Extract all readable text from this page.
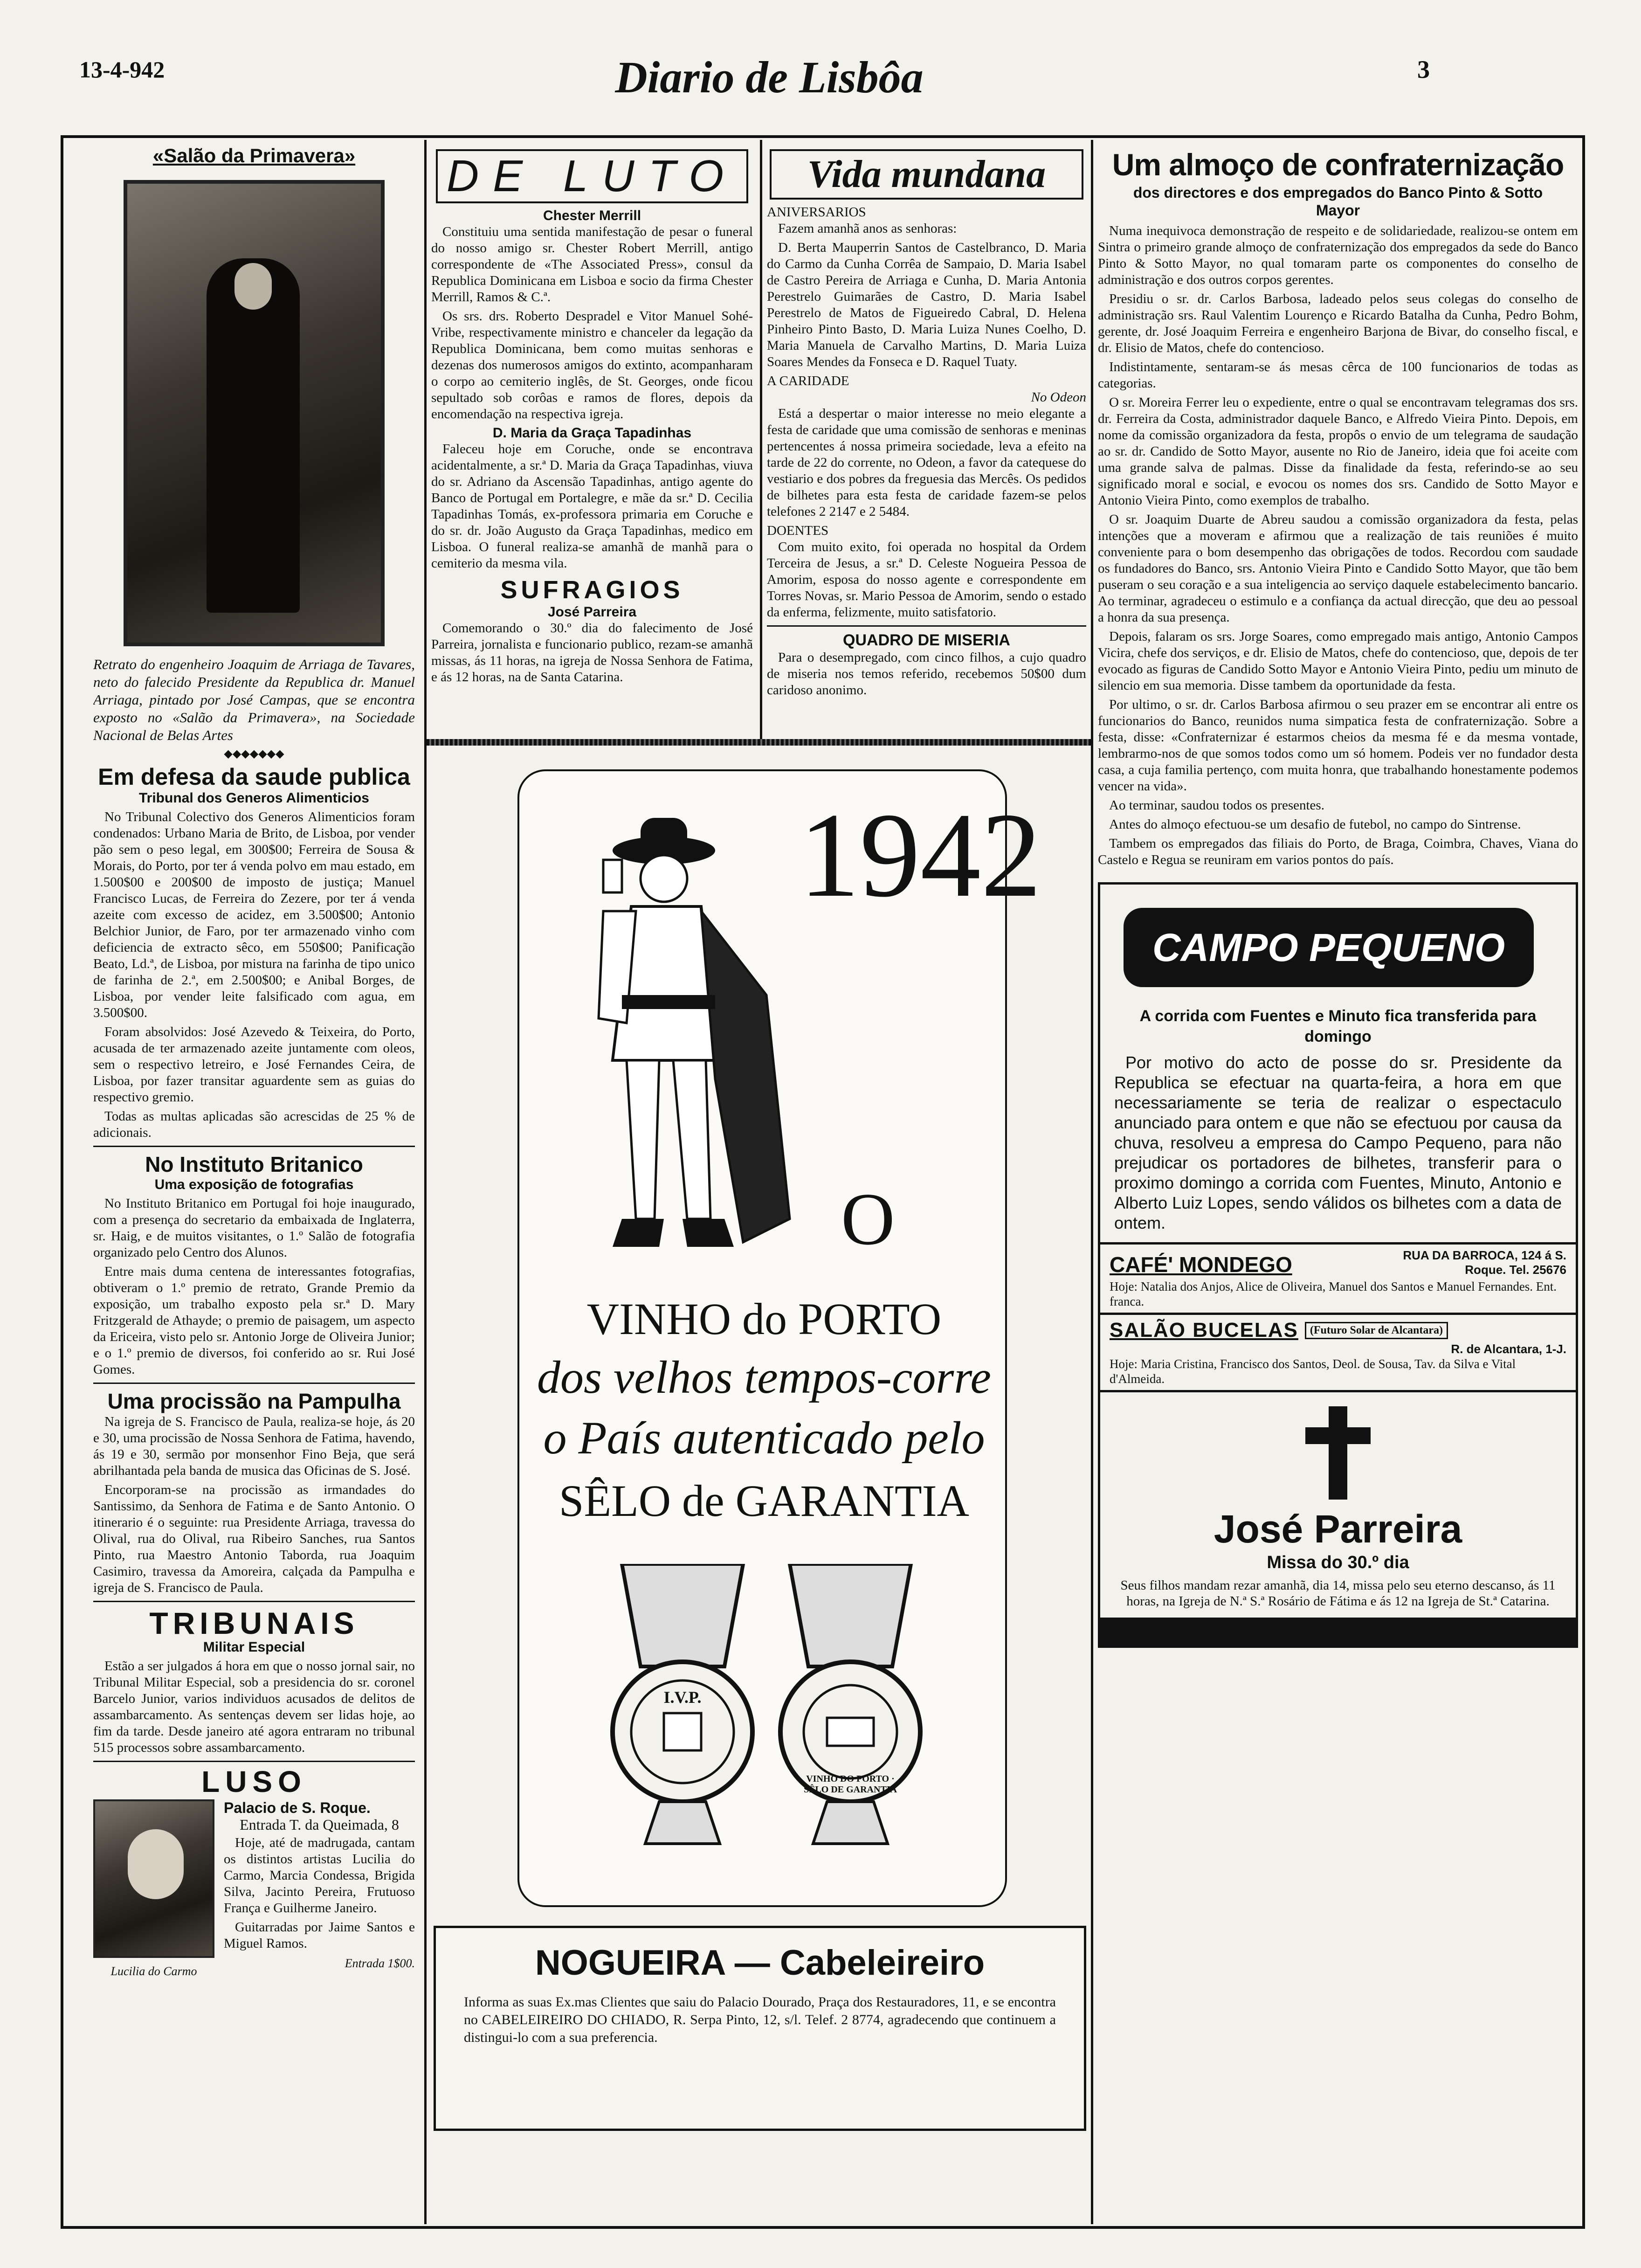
13-4-942	Diario de Lisbôa	3
«Salão da Primavera»
Retrato do engenheiro Joaquim de Arriaga de Tavares, neto do falecido Presidente da Republica dr. Manuel Arriaga, pintado por José Campas, que se encontra exposto no «Salão da Primavera», na Sociedade Nacional de Belas Artes
◆◆◆◆◆◆◆
Em defesa da saude publica
Tribunal dos Generos Alimenticios

No Tribunal Colectivo dos Generos Alimenticios foram condenados: Urbano Maria de Brito, de Lisboa, por vender pão sem o peso legal, em 300$00; Ferreira de Sousa & Morais, do Porto, por ter á venda polvo em mau estado, em 1.500$00 e 200$00 de imposto de justiça; Manuel Francisco Lucas, de Ferreira do Zezere, por ter á venda azeite com excesso de acidez, em 3.500$00; Antonio Belchior Junior, de Faro, por ter armazenado vinho com deficiencia de extracto sêco, em 550$00; Panificação Beato, Ld.ª, de Lisboa, por mistura na farinha de tipo unico de farinha de 2.ª, em 2.500$00; e Anibal Borges, de Lisboa, por vender leite falsificado com agua, em 3.500$00.

Foram absolvidos: José Azevedo & Teixeira, do Porto, acusada de ter armazenado azeite juntamente com oleos, sem o respectivo letreiro, e José Fernandes Ceira, de Lisboa, por fazer transitar aguardente sem as guias do respectivo gremio.

Todas as multas aplicadas são acrescidas de 25 % de adicionais.

No Instituto Britanico
Uma exposição de fotografias

No Instituto Britanico em Portugal foi hoje inaugurado, com a presença do secretario da embaixada de Inglaterra, sr. Haig, e de muitos visitantes, o 1.º Salão de fotografia organizado pelo Centro dos Alunos.

Entre mais duma centena de interessantes fotografias, obtiveram o 1.º premio de retrato, Grande Premio da exposição, um trabalho exposto pela sr.ª D. Mary Fritzgerald de Athayde; o premio de paisagem, um aspecto da Ericeira, visto pelo sr. Antonio Jorge de Oliveira Junior; e o 1.º premio de diversos, foi conferido ao sr. Rui José Gomes.

Uma procissão na Pampulha

Na igreja de S. Francisco de Paula, realiza-se hoje, ás 20 e 30, uma procissão de Nossa Senhora de Fatima, havendo, ás 19 e 30, sermão por monsenhor Fino Beja, que será abrilhantada pela banda de musica das Oficinas de S. José.

Encorporam-se na procissão as irmandades do Santissimo, da Senhora de Fatima e de Santo Antonio. O itinerario é o seguinte: rua Presidente Arriaga, travessa do Olival, rua do Olival, rua Ribeiro Sanches, rua Santos Pinto, rua Maestro Antonio Taborda, rua Joaquim Casimiro, travessa da Amoreira, calçada da Pampulha e igreja de S. Francisco de Paula.

TRIBUNAIS
Militar Especial

Estão a ser julgados á hora em que o nosso jornal sair, no Tribunal Militar Especial, sob a presidencia do sr. coronel Barcelo Junior, varios individuos acusados de delitos de assambarcamento. As sentenças devem ser lidas hoje, ao fim da tarde. Desde janeiro até agora entraram no tribunal 515 processos sobre assambarcamento.

LUSO
Lucilia do Carmo
Palacio de S. Roque.
Entrada T. da Queimada, 8

Hoje, até de madrugada, cantam os distintos artistas Lucilia do Carmo, Marcia Condessa, Brigida Silva, Jacinto Pereira, Frutuoso França e Guilherme Janeiro.

Guitarradas por Jaime Santos e Miguel Ramos.

Entrada 1$00.
DE LUTO
Chester Merrill

Constituiu uma sentida manifestação de pesar o funeral do nosso amigo sr. Chester Robert Merrill, antigo correspondente de «The Associated Press», consul da Republica Dominicana em Lisboa e socio da firma Chester Merrill, Ramos & C.ª.

Os srs. drs. Roberto Despradel e Vitor Manuel Sohé-Vribe, respectivamente ministro e chanceler da legação da Republica Dominicana, bem como muitas senhoras e dezenas dos numerosos amigos do extinto, acompanharam o corpo ao cemiterio inglês, de St. Georges, onde ficou sepultado sob corôas e ramos de flores, depois da encomendação na respectiva igreja.

D. Maria da Graça Tapadinhas

Faleceu hoje em Coruche, onde se encontrava acidentalmente, a sr.ª D. Maria da Graça Tapadinhas, viuva do sr. Adriano da Ascensão Tapadinhas, antigo agente do Banco de Portugal em Portalegre, e mãe da sr.ª D. Cecilia Tapadinhas Tomás, ex-professora primaria em Coruche e do sr. dr. João Augusto da Graça Tapadinhas, medico em Lisboa. O funeral realiza-se amanhã de manhã para o cemiterio da mesma vila.

SUFRAGIOS
José Parreira

Comemorando o 30.º dia do falecimento de José Parreira, jornalista e funcionario publico, rezam-se amanhã missas, ás 11 horas, na igreja de Nossa Senhora de Fatima, e ás 12 horas, na de Santa Catarina.

Vida mundana
ANIVERSARIOS

Fazem amanhã anos as senhoras:

D. Berta Mauperrin Santos de Castelbranco, D. Maria do Carmo da Cunha Corrêa de Sampaio, D. Maria Isabel de Castro Pereira de Arriaga e Cunha, D. Maria Antonia Perestrelo Guimarães de Castro, D. Maria Isabel Perestrelo de Matos de Figueiredo Cabral, D. Helena Pinheiro Pinto Basto, D. Maria Luiza Nunes Coelho, D. Maria Manuela de Carvalho Martins, D. Maria Luiza Soares Mendes da Fonseca e D. Raquel Tuaty.

A CARIDADE
No Odeon

Está a despertar o maior interesse no meio elegante a festa de caridade que uma comissão de senhoras e meninas pertencentes á nossa primeira sociedade, leva a efeito na tarde de 22 do corrente, no Odeon, a favor da catequese do vestiario e dos pobres da freguesia das Mercês. Os pedidos de bilhetes para esta festa de caridade fazem-se pelos telefones 2 2147 e 2 5484.

DOENTES

Com muito exito, foi operada no hospital da Ordem Terceira de Jesus, a sr.ª D. Celeste Nogueira Pessoa de Amorim, esposa do nosso agente e correspondente em Torres Novas, sr. Mario Pessoa de Amorim, sendo o estado da enferma, felizmente, muito satisfatorio.

QUADRO DE MISERIA

Para o desempregado, com cinco filhos, a cujo quadro de miseria nos temos referido, recebemos 50$00 dum caridoso anonimo.

1942
O
VINHO do PORTO
dos velhos tempos-corre
o País autenticado pelo
SÊLO de GARANTIA
I.V.P.
VINHO DO PORTO · SÊLO DE GARANTIA
NOGUEIRA — Cabeleireiro
Informa as suas Ex.mas Clientes que saiu do Palacio Dourado, Praça dos Restauradores, 11, e se encontra no CABELEIREIRO DO CHIADO, R. Serpa Pinto, 12, s/l. Telef. 2 8774, agradecendo que continuem a distingui-lo com a sua preferencia.
Um almoço de confraternização
dos directores e dos empregados do Banco Pinto & Sotto Mayor

Numa inequivoca demonstração de respeito e de solidariedade, realizou-se ontem em Sintra o primeiro grande almoço de confraternização dos empregados da sede do Banco Pinto & Sotto Mayor, no qual tomaram parte os componentes do conselho de administração e dos outros corpos gerentes.

Presidiu o sr. dr. Carlos Barbosa, ladeado pelos seus colegas do conselho de administração srs. Raul Valentim Lourenço e Ricardo Batalha da Cunha, Pedro Bohm, gerente, dr. José Joaquim Ferreira e engenheiro Barjona de Bivar, do conselho fiscal, e dr. Elisio de Matos, chefe do contencioso.

Indistintamente, sentaram-se ás mesas cêrca de 100 funcionarios de todas as categorias.

O sr. Moreira Ferrer leu o expediente, entre o qual se encontravam telegramas dos srs. dr. Ferreira da Costa, administrador daquele Banco, e Alfredo Vieira Pinto. Depois, em nome da comissão organizadora da festa, propôs o envio de um telegrama de saudação ao sr. dr. Candido de Sotto Mayor, ausente no Rio de Janeiro, ideia que foi aceite com uma grande salva de palmas. Disse da finalidade da festa, referindo-se ao seu significado moral e social, e evocou os nomes dos srs. Candido de Sotto Mayor e Antonio Vieira Pinto, como exemplos de trabalho.

O sr. Joaquim Duarte de Abreu saudou a comissão organizadora da festa, pelas intenções que a moveram e afirmou que a realização de tais reuniões é muito conveniente para o bom desempenho das obrigações de todos. Recordou com saudade os fundadores do Banco, srs. Antonio Vieira Pinto e Candido Sotto Mayor, que tão bem puseram o seu coração e a sua inteligencia ao serviço daquele estabelecimento bancario. Ao terminar, agradeceu o estimulo e a confiança da actual direcção, que deu ao pessoal a honra da sua presença.

Depois, falaram os srs. Jorge Soares, como empregado mais antigo, Antonio Campos Vicira, chefe dos serviços, e dr. Elisio de Matos, chefe do contencioso, que, depois de ter evocado as figuras de Candido Sotto Mayor e Antonio Vieira Pinto, pediu um minuto de silencio em sua memoria. Disse tambem da oportunidade da festa.

Por ultimo, o sr. dr. Carlos Barbosa afirmou o seu prazer em se encontrar ali entre os funcionarios do Banco, reunidos numa simpatica festa de confraternização. Sobre a festa, disse: «Confraternizar é estarmos cheios da mesma fé e da mesma vontade, lembrarmo-nos de que somos todos como um só homem. Podeis ver no fundador desta casa, a cuja familia pertenço, com muita honra, que trabalhando honestamente podemos vencer na vida».

Ao terminar, saudou todos os presentes.

Antes do almoço efectuou-se um desafio de futebol, no campo do Sintrense.

Tambem os empregados das filiais do Porto, de Braga, Coimbra, Chaves, Viana do Castelo e Regua se reuniram em varios pontos do país.

CAMPO PEQUENO
A corrida com Fuentes e Minuto fica transferida para domingo
Por motivo do acto de posse do sr. Presidente da Republica se efectuar na quarta-feira, a hora em que necessariamente se teria de realizar o espectaculo anunciado para ontem e que não se efectuou por causa da chuva, resolveu a empresa do Campo Pequeno, para não prejudicar os portadores de bilhetes, transferir para o proximo domingo a corrida com Fuentes, Minuto, Antonio e Alberto Luiz Lopes, sendo válidos os bilhetes com a data de ontem.
CAFÉ' MONDEGO	RUA DA BARROCA, 124 á S. Roque. Tel. 25676
Hoje: Natalia dos Anjos, Alice de Oliveira, Manuel dos Santos e Manuel Fernandes. Ent. franca.
SALÃO BUCELAS	(Futuro Solar de Alcantara)
R. de Alcantara, 1-J.
Hoje: Maria Cristina, Francisco dos Santos, Deol. de Sousa, Tav. da Silva e Vital d'Almeida.
José Parreira
Missa do 30.º dia
Seus filhos mandam rezar amanhã, dia 14, missa pelo seu eterno descanso, ás 11 horas, na Igreja de N.ª S.ª Rosário de Fátima e ás 12 na Igreja de St.ª Catarina.
